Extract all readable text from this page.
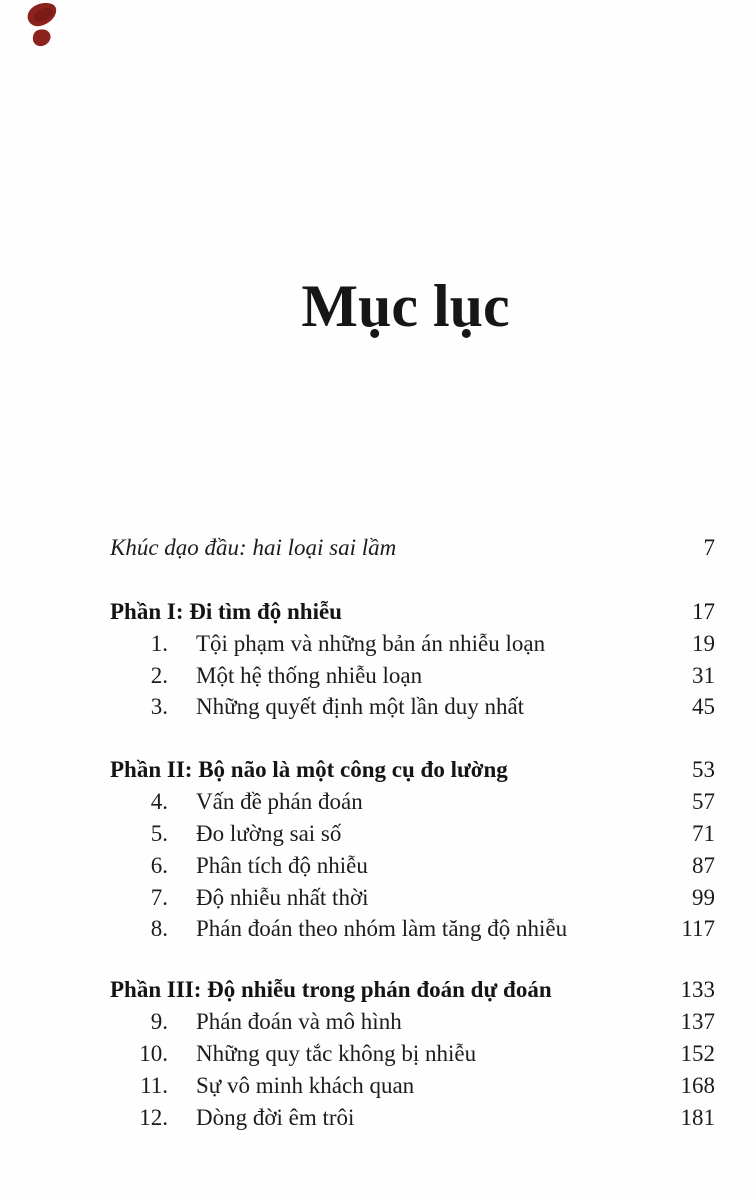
Mục lục
Khúc dạo đầu: hai loại sai lầm	7
Phần I: Đi tìm độ nhiễu	17
1. Tội phạm và những bản án nhiễu loạn	19
2. Một hệ thống nhiễu loạn	31
3. Những quyết định một lần duy nhất	45
Phần II: Bộ não là một công cụ đo lường	53
4. Vấn đề phán đoán	57
5. Đo lường sai số	71
6. Phân tích độ nhiễu	87
7. Độ nhiễu nhất thời	99
8. Phán đoán theo nhóm làm tăng độ nhiễu	117
Phần III: Độ nhiễu trong phán đoán dự đoán	133
9. Phán đoán và mô hình	137
10. Những quy tắc không bị nhiễu	152
11. Sự vô minh khách quan	168
12. Dòng đời êm trôi	181
